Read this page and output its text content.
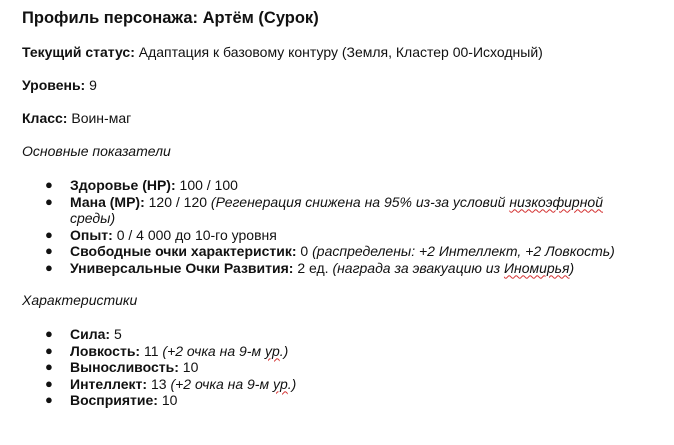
Профиль персонажа: Артём (Сурок)

Текущий статус: Адаптация к базовому контуру (Земля, Кластер 00-Исходный)

Уровень: 9

Класс: Воин-маг

Основные показатели

● Здоровье (HP): 100 / 100
● Мана (MP): 120 / 120 (Регенерация снижена на 95% из-за условий низкоэфирной среды)
● Опыт: 0 / 4 000 до 10-го уровня
● Свободные очки характеристик: 0 (распределены: +2 Интеллект, +2 Ловкость)
● Универсальные Очки Развития: 2 ед. (награда за эвакуацию из Иномирья)

Характеристики

● Сила: 5
● Ловкость: 11 (+2 очка на 9-м ур.)
● Выносливость: 10
● Интеллект: 13 (+2 очка на 9-м ур.)
● Восприятие: 10
